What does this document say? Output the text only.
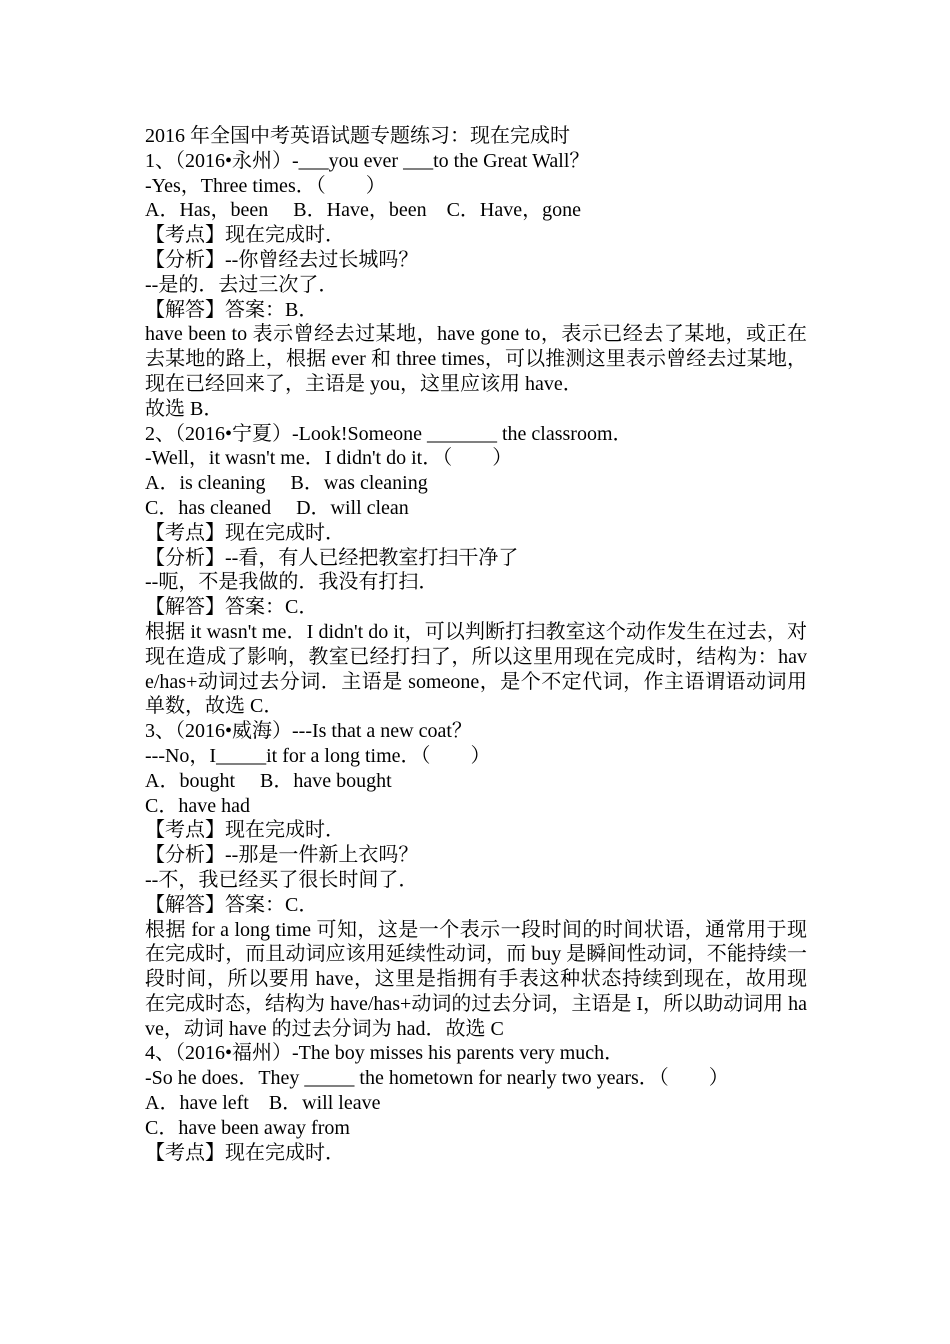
2016 年全国中考英语试题专题练习：现在完成时
1、（2016•永州）-___you ever ___to the Great Wall？
-Yes，Three times．（　　）
A．Has，been　 B．Have，been　C．Have，gone
【考点】现在完成时．
【分析】--你曾经去过长城吗？
--是的．去过三次了．
【解答】答案：B．
have been to 表示曾经去过某地，have gone to，表示已经去了某地，或正在去某地的路上，根据 ever 和 three times，可以推测这里表示曾经去过某地，现在已经回来了，主语是 you，这里应该用 have．
故选 B．
2、（2016•宁夏）-Look!Someone _______ the classroom．
-Well，it wasn't me．I didn't do it．（　　）
A．is cleaning　 B．was cleaning
C．has cleaned　 D．will clean
【考点】现在完成时．
【分析】--看，有人已经把教室打扫干净了
--呃，不是我做的．我没有打扫．
【解答】答案：C．
根据 it wasn't me．I didn't do it，可以判断打扫教室这个动作发生在过去，对现在造成了影响，教室已经打扫了，所以这里用现在完成时，结构为：have/has+动词过去分词．主语是 someone，是个不定代词，作主语谓语动词用单数，故选 C．
3、（2016•威海）---Is that a new coat？
---No，I_____it for a long time．（　　）
A．bought　 B．have bought
C．have had
【考点】现在完成时．
【分析】--那是一件新上衣吗？
--不，我已经买了很长时间了．
【解答】答案：C．
根据 for a long time 可知，这是一个表示一段时间的时间状语，通常用于现在完成时，而且动词应该用延续性动词，而 buy 是瞬间性动词，不能持续一段时间，所以要用 have，这里是指拥有手表这种状态持续到现在，故用现在完成时态，结构为 have/has+动词的过去分词，主语是 I，所以助动词用 have，动词 have 的过去分词为 had．故选 C
4、（2016•福州）-The boy misses his parents very much．
-So he does．They _____ the hometown for nearly two years．（　　）
A．have left　B．will leave
C．have been away from
【考点】现在完成时．
